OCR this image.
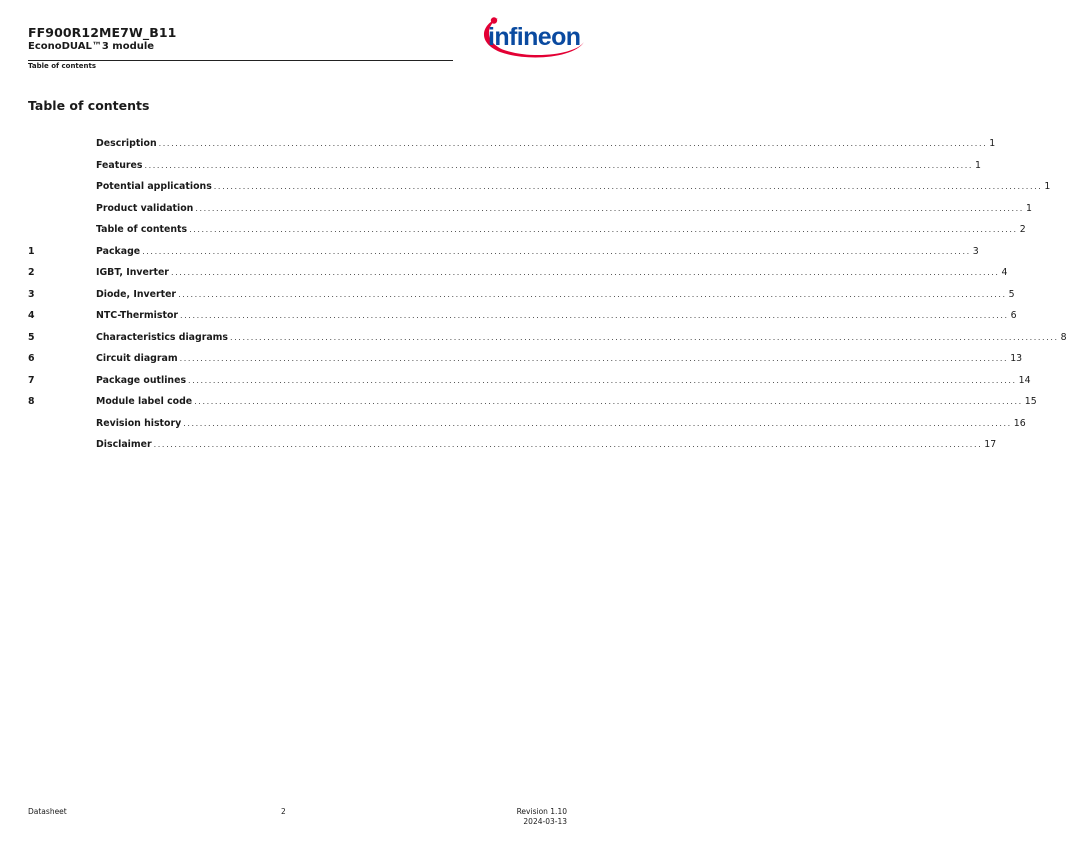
FF900R12ME7W_B11
EconoDUAL™3 module
Table of contents
infineon
Table of contents
Description ........................................................................................................................................................................................................ 1
Features ........................................................................................................................................................................................................ 1
Potential applications ........................................................................................................................................................................................................ 1
Product validation ........................................................................................................................................................................................................ 1
Table of contents ........................................................................................................................................................................................................ 2
1	Package ........................................................................................................................................................................................................ 3
2	IGBT, Inverter ........................................................................................................................................................................................................ 4
3	Diode, Inverter ........................................................................................................................................................................................................ 5
4	NTC-Thermistor ........................................................................................................................................................................................................ 6
5	Characteristics diagrams ........................................................................................................................................................................................................ 8
6	Circuit diagram ........................................................................................................................................................................................................ 13
7	Package outlines ........................................................................................................................................................................................................ 14
8	Module label code ........................................................................................................................................................................................................ 15
Revision history ........................................................................................................................................................................................................ 16
Disclaimer ........................................................................................................................................................................................................ 17
Datasheet	2	Revision 1.10
2024-03-13
